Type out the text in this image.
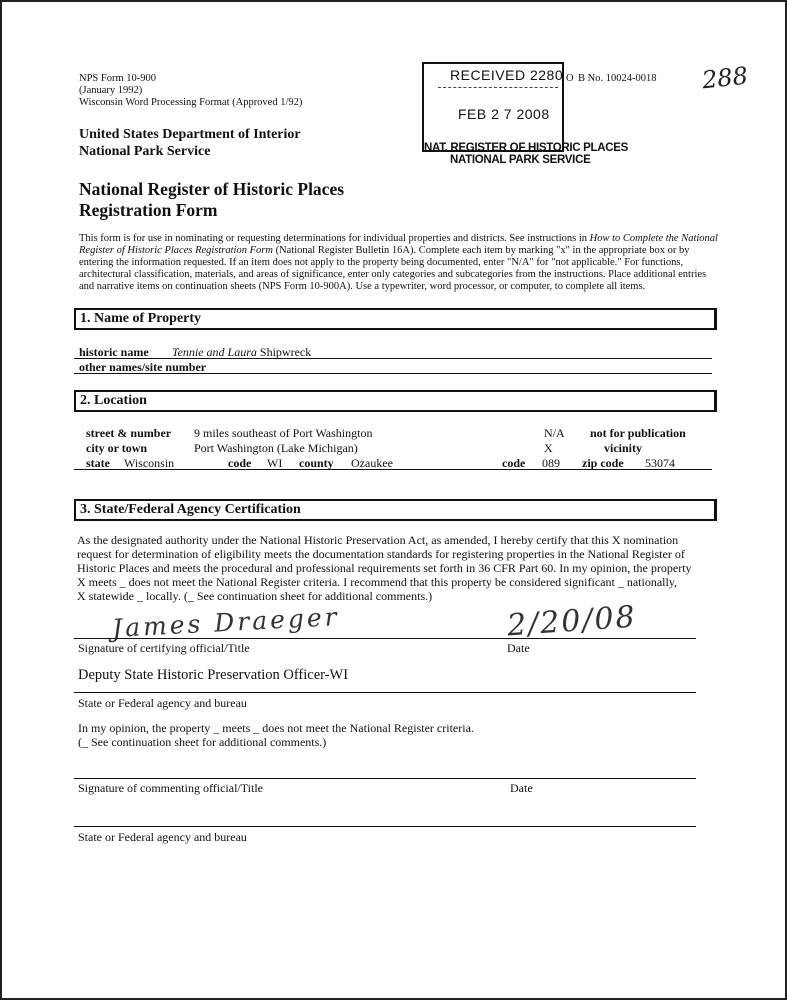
NPS Form 10-900
(January 1992)
Wisconsin Word Processing Format (Approved 1/92)
O B No. 10024-0018 288
United States Department of Interior
National Park Service
National Register of Historic Places
Registration Form
RECEIVED 2280
FEB 2 7 2008
NAT. REGISTER OF HISTORIC PLACES
NATIONAL PARK SERVICE
This form is for use in nominating or requesting determinations for individual properties and districts. See instructions in How to Complete the National
Register of Historic Places Registration Form (National Register Bulletin 16A). Complete each item by marking "x" in the appropriate box or by
entering the information requested. If an item does not apply to the property being documented, enter "N/A" for "not applicable." For functions,
architectural classification, materials, and areas of significance, enter only categories and subcategories from the instructions. Place additional entries
and narrative items on continuation sheets (NPS Form 10-900A). Use a typewriter, word processor, or computer, to complete all items.
1. Name of Property
historic name Tennie and Laura Shipwreck
other names/site number
2. Location
street & number 9 miles southeast of Port Washington	N/A not for publication
city or town	Port Washington (Lake Michigan)	X	vicinity
state Wisconsin	code WI county Ozaukee	code 089 zip code 53074
3. State/Federal Agency Certification
As the designated authority under the National Historic Preservation Act, as amended, I hereby certify that this X nomination
request for determination of eligibility meets the documentation standards for registering properties in the National Register of
Historic Places and meets the procedural and professional requirements set forth in 36 CFR Part 60. In my opinion, the property
X meets _ does not meet the National Register criteria. I recommend that this property be considered significant _ nationally,
X statewide _ locally. (_ See continuation sheet for additional comments.)
James Draeger	2/20/08
Signature of certifying official/Title	Date
Deputy State Historic Preservation Officer-WI
State or Federal agency and bureau
In my opinion, the property _ meets _ does not meet the National Register criteria.
(_ See continuation sheet for additional comments.)
Signature of commenting official/Title	Date
State or Federal agency and bureau
